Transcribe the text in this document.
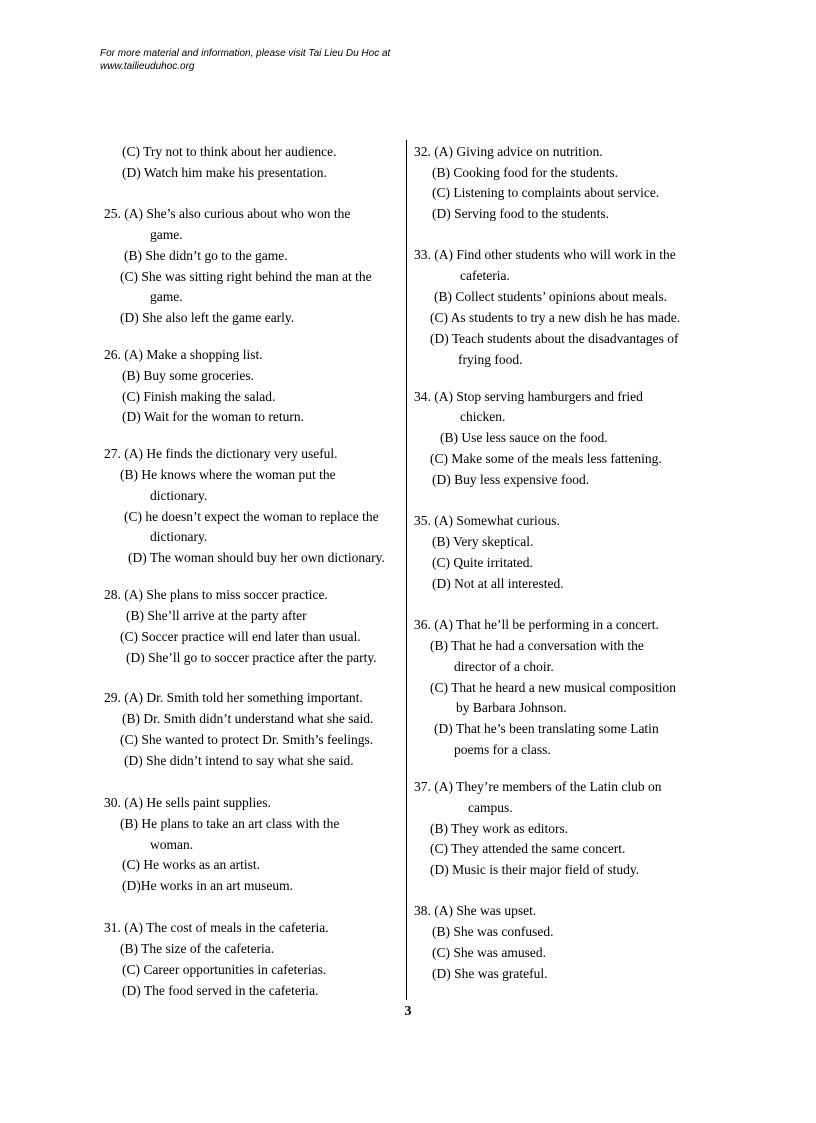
For more material and information, please visit Tai Lieu Du Hoc at
www.tailieuduhoc.org
(C) Try not to think about her audience.
(D) Watch him make his presentation.
25. (A) She’s also curious about who won the
game.
(B) She didn’t go to the game.
(C) She was sitting right behind the man at the
game.
(D) She also left the game early.
26. (A) Make a shopping list.
(B) Buy some groceries.
(C) Finish making the salad.
(D) Wait for the woman to return.
27. (A) He finds the dictionary very useful.
(B) He knows where the woman put the
dictionary.
(C) he doesn’t expect the woman to replace the
dictionary.
(D) The woman should buy her own dictionary.
28. (A) She plans to miss soccer practice.
(B) She’ll arrive at the party after
(C) Soccer practice will end later than usual.
(D) She’ll go to soccer practice after the party.
29. (A) Dr. Smith told her something important.
(B) Dr. Smith didn’t understand what she said.
(C) She wanted to protect Dr. Smith’s feelings.
(D) She didn’t intend to say what she said.
30. (A) He sells paint supplies.
(B) He plans to take an art class with the
woman.
(C) He works as an artist.
(D)He works in an art museum.
31. (A) The cost of meals in the cafeteria.
(B) The size of the cafeteria.
(C) Career opportunities in cafeterias.
(D) The food served in the cafeteria.
32. (A) Giving advice on nutrition.
(B) Cooking food for the students.
(C) Listening to complaints about service.
(D) Serving food to the students.
33. (A) Find other students who will work in the
cafeteria.
(B) Collect students’ opinions about meals.
(C) As students to try a new dish he has made.
(D) Teach students about the disadvantages of
frying food.
34. (A) Stop serving hamburgers and fried
chicken.
(B) Use less sauce on the food.
(C) Make some of the meals less fattening.
(D) Buy less expensive food.
35. (A) Somewhat curious.
(B) Very skeptical.
(C) Quite irritated.
(D) Not at all interested.
36. (A) That he’ll be performing in a concert.
(B) That he had a conversation with the
director of a choir.
(C) That he heard a new musical composition
by Barbara Johnson.
(D) That he’s been translating some Latin
poems for a class.
37. (A) They’re members of the Latin club on
campus.
(B) They work as editors.
(C) They attended the same concert.
(D) Music is their major field of study.
38. (A) She was upset.
(B) She was confused.
(C) She was amused.
(D) She was grateful.
3
